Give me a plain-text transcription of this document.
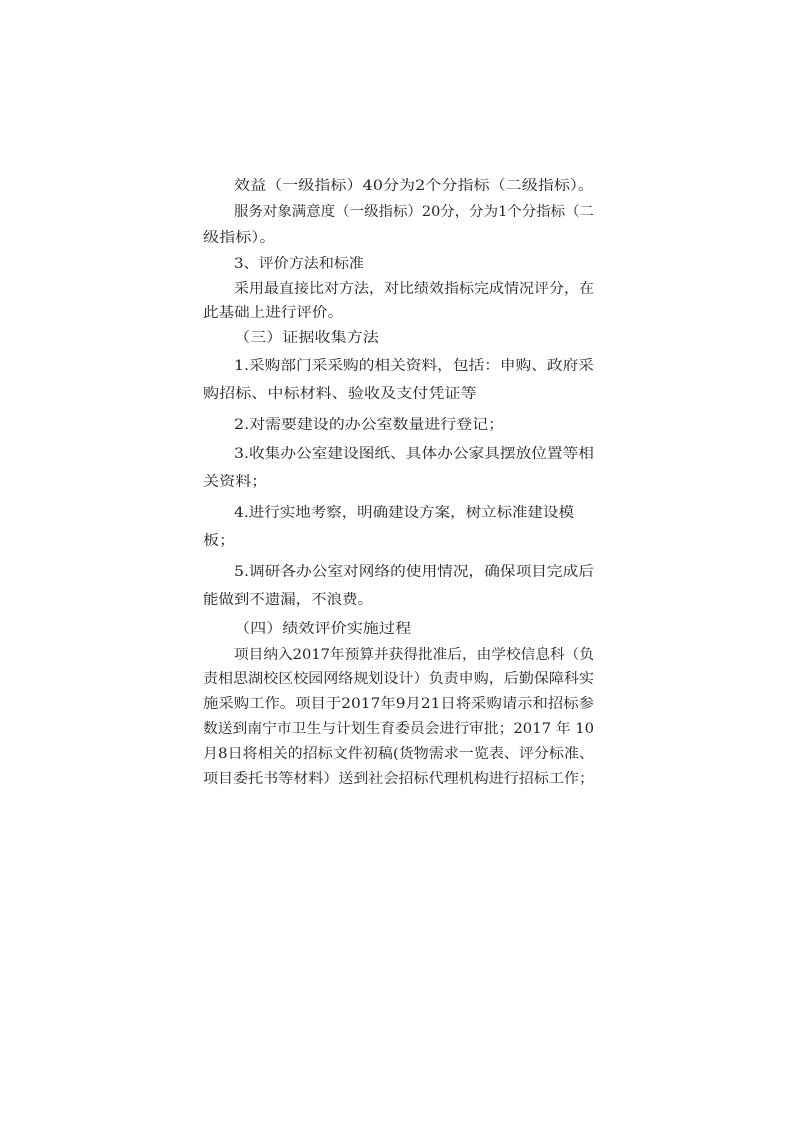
效益（一级指标）40分为2个分指标（二级指标）。
服务对象满意度（一级指标）20分，分为1个分指标（二
级指标）。
3、评价方法和标准
采用最直接比对方法，对比绩效指标完成情况评分，在
此基础上进行评价。
（三）证据收集方法
1.采购部门采采购的相关资料，包括：申购、政府采
购招标、中标材料、验收及支付凭证等
2.对需要建设的办公室数量进行登记；
3.收集办公室建设图纸、具体办公家具摆放位置等相
关资料；
4.进行实地考察，明确建设方案，树立标准建设模
板；
5.调研各办公室对网络的使用情况，确保项目完成后
能做到不遗漏，不浪费。
（四）绩效评价实施过程
项目纳入2017年预算并获得批准后，由学校信息科（负
责相思湖校区校园网络规划设计）负责申购，后勤保障科实
施采购工作。项目于2017年9月21日将采购请示和招标参
数送到南宁市卫生与计划生育委员会进行审批；2017 年 10
月8日将相关的招标文件初稿(货物需求一览表、评分标准、
项目委托书等材料）送到社会招标代理机构进行招标工作；
